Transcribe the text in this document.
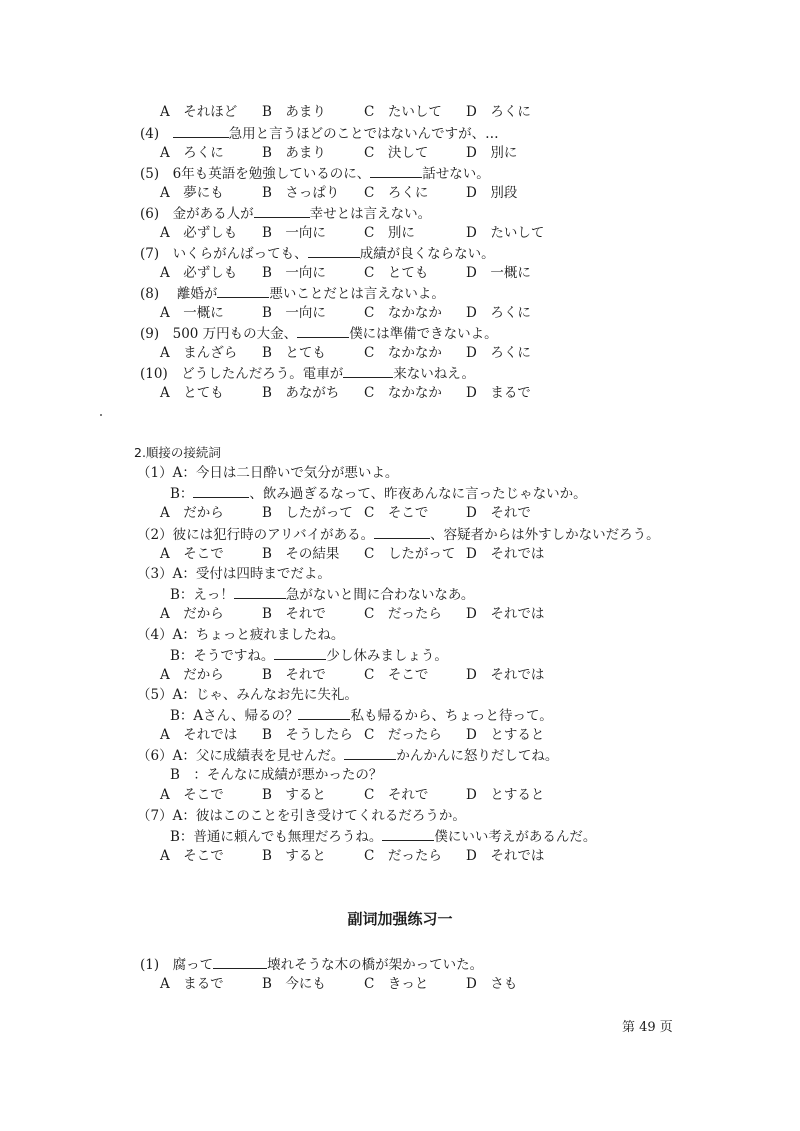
2.順接の接続詞
副词加强练习一
第 49 页
A　それほど B　あまり	C　たいして D　ろくに
(4)　	急用と言うほどのことではないんですが、…
A　ろくに	B　あまり	C　決して	D　別に
(5)　6年も英語を勉強しているのに、	話せない。
A　夢にも	B　さっぱり C　ろくに	D　別段
(6)　金がある人が	幸せとは言えない。
A　必ずしも B　一向に	C　別に	D　たいして
(7)　いくらがんばっても、	成績が良くならない。
A　必ずしも B　一向に	C　とても	D　一概に
(8)　 離婚が	悪いことだとは言えないよ。
A　一概に	B　一向に	C　なかなか D　ろくに
(9)　500 万円もの大金、	僕には準備できないよ。
A　まんざら B　とても	C　なかなか D　ろくに
(10)　どうしたんだろう。電車が	来ないねえ。
A　とても	B　あながち C　なかなか D　まるで
（1）A：今日は二日酔いで気分が悪いよ。
B：	、飲み過ぎるなって、昨夜あんなに言ったじゃないか。
A　だから	B　したがって C　そこで	D　それで
（2）彼には犯行時のアリバイがある。	、容疑者からは外すしかないだろう。
A　そこで	B　その結果 C　したがって D　それでは
（3）A：受付は四時までだよ。
B：えっ！	急がないと間に合わないなあ。
A　だから	B　それで	C　だったら D　それでは
（4）A：ちょっと疲れましたね。
B：そうですね。	少し休みましょう。
A　だから	B　それで	C　そこで	D　それでは
（5）A：じゃ、みんなお先に失礼。
B：Aさん、帰るの？	私も帰るから、ちょっと待って。
A　それでは B　そうしたら C　だったら D　とすると
（6）A：父に成績表を見せんだ。	かんかんに怒りだしてね。
B　：そんなに成績が悪かったの？
A　そこで	B　すると	C　それで	D　とすると
（7）A：彼はこのことを引き受けてくれるだろうか。
B：普通に頼んでも無理だろうね。	僕にいい考えがあるんだ。
A　そこで	B　すると	C　だったら D　それでは
(1)　腐って	壊れそうな木の橋が架かっていた。
A　まるで	B　今にも	C　きっと	D　さも
